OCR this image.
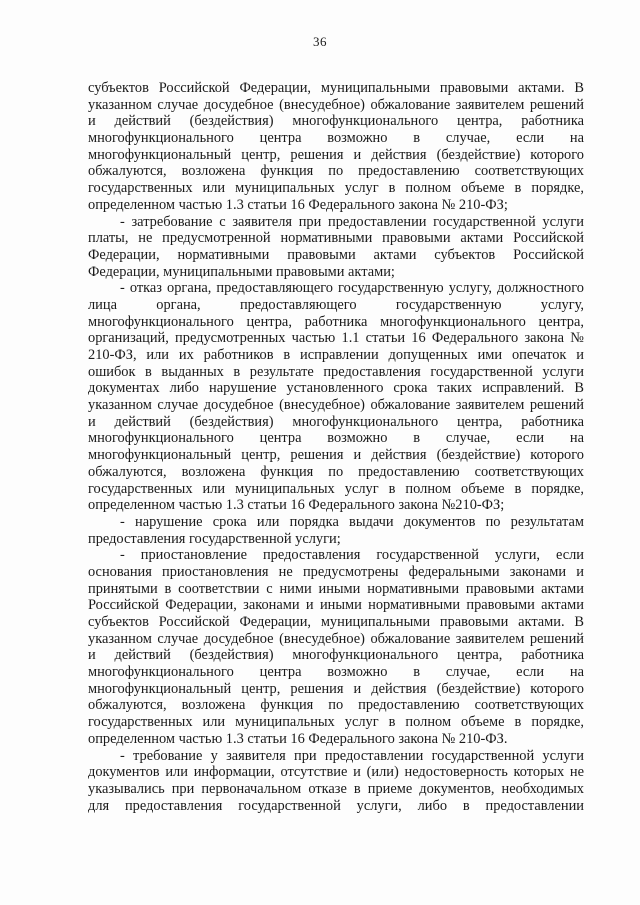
36
субъектов Российской Федерации, муниципальными правовыми актами. В
указанном случае досудебное (внесудебное) обжалование заявителем решений
и действий (бездействия) многофункционального центра, работника
многофункционального центра возможно в случае, если на
многофункциональный центр, решения и действия (бездействие) которого
обжалуются, возложена функция по предоставлению соответствующих
государственных или муниципальных услуг в полном объеме в порядке,
определенном частью 1.3 статьи 16 Федерального закона № 210-ФЗ;
- затребование с заявителя при предоставлении государственной услуги
платы, не предусмотренной нормативными правовыми актами Российской
Федерации, нормативными правовыми актами субъектов Российской
Федерации, муниципальными правовыми актами;
- отказ органа, предоставляющего государственную услугу, должностного
лица органа, предоставляющего государственную услугу,
многофункционального центра, работника многофункционального центра,
организаций, предусмотренных частью 1.1 статьи 16 Федерального закона №
210-ФЗ, или их работников в исправлении допущенных ими опечаток и
ошибок в выданных в результате предоставления государственной услуги
документах либо нарушение установленного срока таких исправлений. В
указанном случае досудебное (внесудебное) обжалование заявителем решений
и действий (бездействия) многофункционального центра, работника
многофункционального центра возможно в случае, если на
многофункциональный центр, решения и действия (бездействие) которого
обжалуются, возложена функция по предоставлению соответствующих
государственных или муниципальных услуг в полном объеме в порядке,
определенном частью 1.3 статьи 16 Федерального закона №210-ФЗ;
- нарушение срока или порядка выдачи документов по результатам
предоставления государственной услуги;
- приостановление предоставления государственной услуги, если
основания приостановления не предусмотрены федеральными законами и
принятыми в соответствии с ними иными нормативными правовыми актами
Российской Федерации, законами и иными нормативными правовыми актами
субъектов Российской Федерации, муниципальными правовыми актами. В
указанном случае досудебное (внесудебное) обжалование заявителем решений
и действий (бездействия) многофункционального центра, работника
многофункционального центра возможно в случае, если на
многофункциональный центр, решения и действия (бездействие) которого
обжалуются, возложена функция по предоставлению соответствующих
государственных или муниципальных услуг в полном объеме в порядке,
определенном частью 1.3 статьи 16 Федерального закона № 210-ФЗ.
- требование у заявителя при предоставлении государственной услуги
документов или информации, отсутствие и (или) недостоверность которых не
указывались при первоначальном отказе в приеме документов, необходимых
для предоставления государственной услуги, либо в предоставлении
